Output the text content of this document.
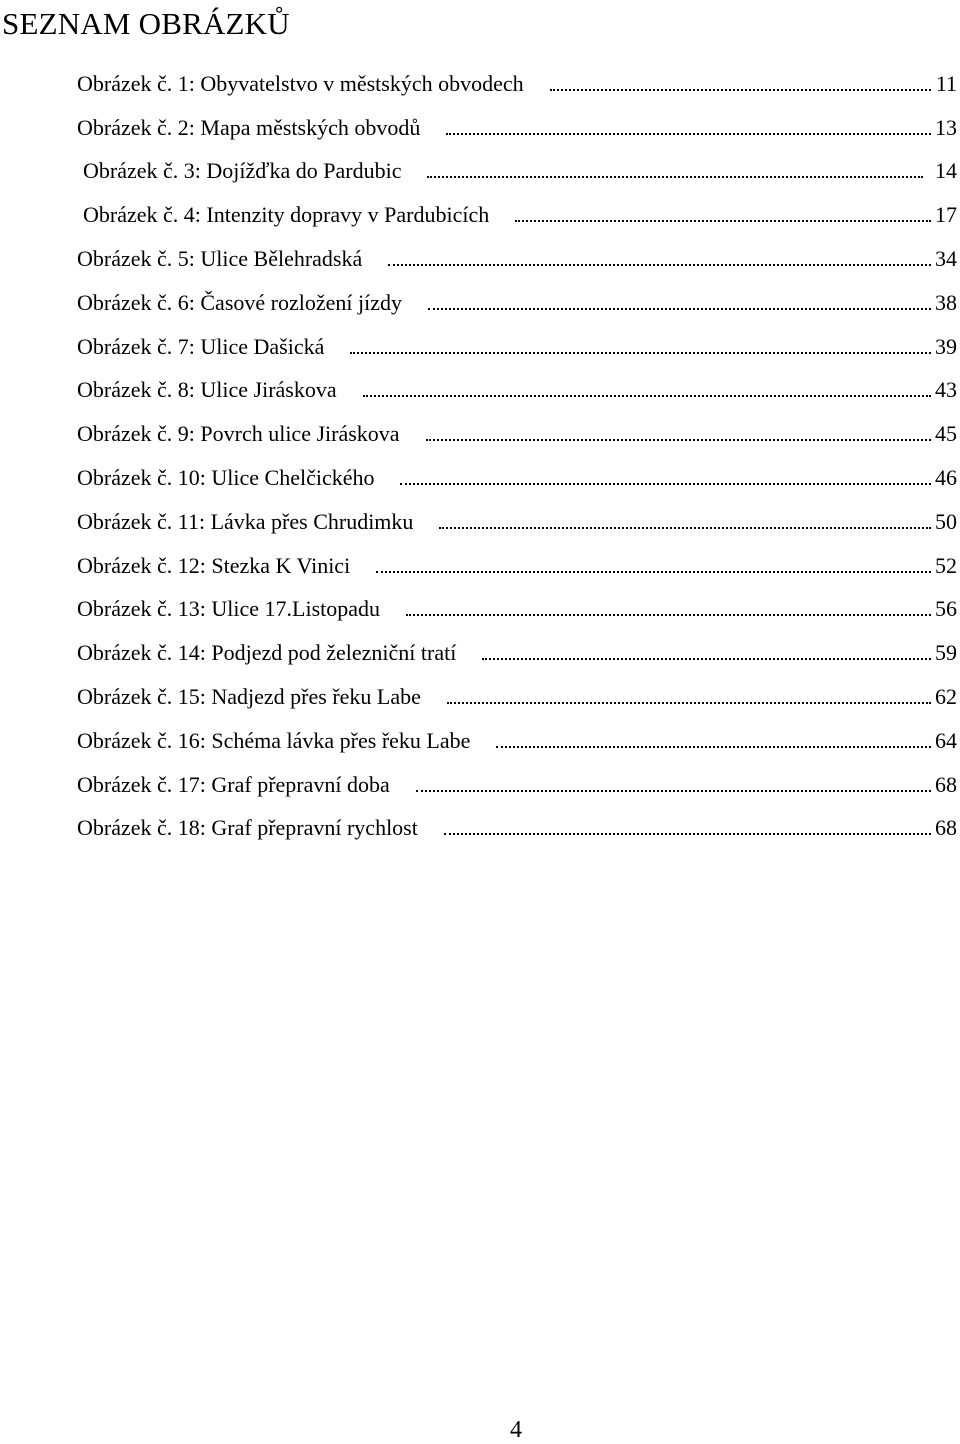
SEZNAM OBRÁZKŮ
Obrázek č. 1: Obyvatelstvo v městských obvodech	11
Obrázek č. 2: Mapa městských obvodů	13
Obrázek č. 3: Dojížďka do Pardubic	14
Obrázek č. 4: Intenzity dopravy v Pardubicích	17
Obrázek č. 5: Ulice Bělehradská	34
Obrázek č. 6: Časové rozložení jízdy	38
Obrázek č. 7: Ulice Dašická	39
Obrázek č. 8: Ulice Jiráskova	43
Obrázek č. 9: Povrch ulice Jiráskova	45
Obrázek č. 10: Ulice Chelčického	46
Obrázek č. 11: Lávka přes Chrudimku	50
Obrázek č. 12: Stezka K Vinici	52
Obrázek č. 13: Ulice 17.Listopadu	56
Obrázek č. 14: Podjezd pod železniční tratí	59
Obrázek č. 15: Nadjezd přes řeku Labe	62
Obrázek č. 16: Schéma lávka přes řeku Labe	64
Obrázek č. 17: Graf přepravní doba	68
Obrázek č. 18: Graf přepravní rychlost	68
4
